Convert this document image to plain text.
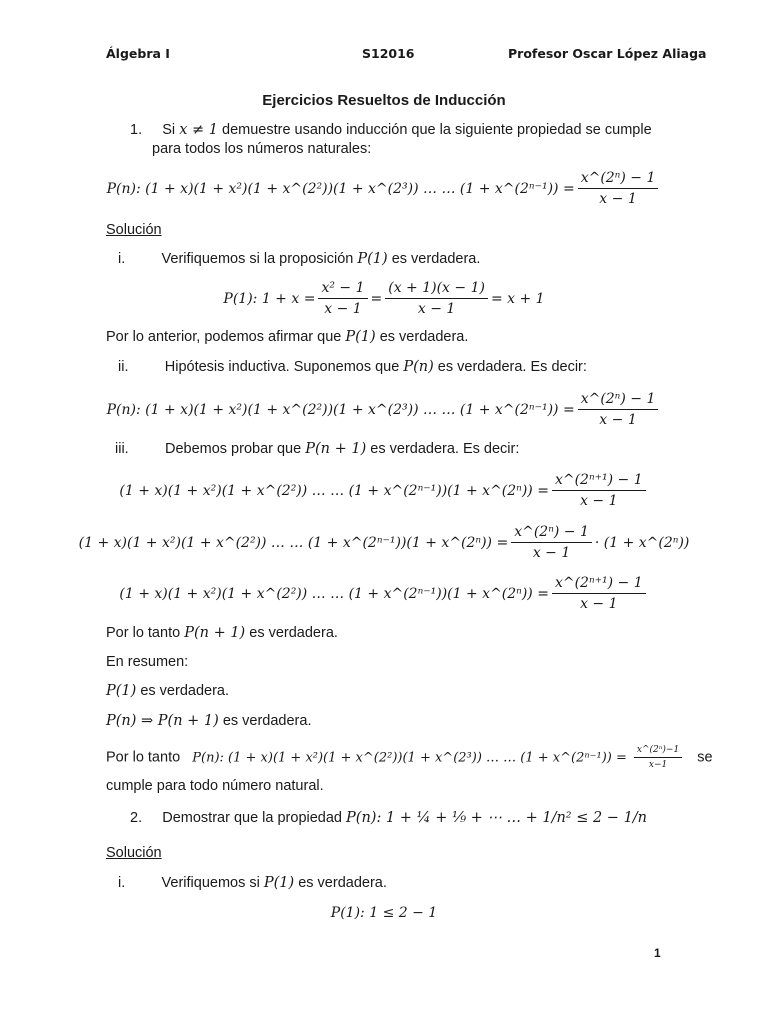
Álgebra I	S12016	Profesor Oscar López Aliaga
Ejercicios Resueltos de Inducción
1. Si x ≠ 1 demuestre usando inducción que la siguiente propiedad se cumple
para todos los números naturales:
P(n): (1 + x)(1 + x²)(1 + x^(2²))(1 + x^(2³)) … … (1 + x^(2ⁿ⁻¹)) = $\frac{\text{x\textasciicircum{}(2ⁿ) − 1}}{x - 1}$
Solución
i.	Verifiquemos si la proposición P(1) es verdadera.
P(1): $1 + x = \frac{\text{x² − 1}}{x - 1} = \frac{(x + 1)(x - 1)}{x - 1} = x + 1$
Por lo anterior, podemos afirmar que P(1) es verdadera.
ii.	Hipótesis inductiva. Suponemos que P(n) es verdadera. Es decir:
P(n): (1 + x)(1 + x²)(1 + x^(2²))(1 + x^(2³)) … … (1 + x^(2ⁿ⁻¹)) = $\frac{\text{x\textasciicircum{}(2ⁿ) − 1}}{x - 1}$
iii.	Debemos probar que P(n + 1) es verdadera. Es decir:
(1 + x)(1 + x²)(1 + x^(2²)) … … (1 + x^(2ⁿ⁻¹))(1 + x^(2ⁿ)) = $\frac{\text{x\textasciicircum{}(2ⁿ⁺¹) − 1}}{x - 1}$
(1 + x)(1 + x²)(1 + x^(2²)) … … (1 + x^(2ⁿ⁻¹))(1 + x^(2ⁿ)) = $\frac{\text{x\textasciicircum{}(2ⁿ) − 1}}{x - 1} \cdot (1$ + x^(2ⁿ))
(1 + x)(1 + x²)(1 + x^(2²)) … … (1 + x^(2ⁿ⁻¹))(1 + x^(2ⁿ)) = $\frac{\text{x\textasciicircum{}(2ⁿ⁺¹) − 1}}{x - 1}$
Por lo tanto P(n + 1) es verdadera.
En resumen:
P(1) es verdadera.
P(n) ⇒ P(n + 1) es verdadera.
Por lo tanto P(n): (1 + x)(1 + x²)(1 + x^(2²))(1 + x^(2³)) … … (1 + x^(2ⁿ⁻¹)) = $\frac{\text{x\textasciicircum{}(2ⁿ)−1}}{x-1}$ se
cumple para todo número natural.
2. Demostrar que la propiedad P(n): 1 + ¼ + ⅑ + ⋯ … + 1/n² ≤ 2 − 1/n
Solución
i.	Verifiquemos si P(1) es verdadera.
P(1): 1 ≤ 2 − 1
1
